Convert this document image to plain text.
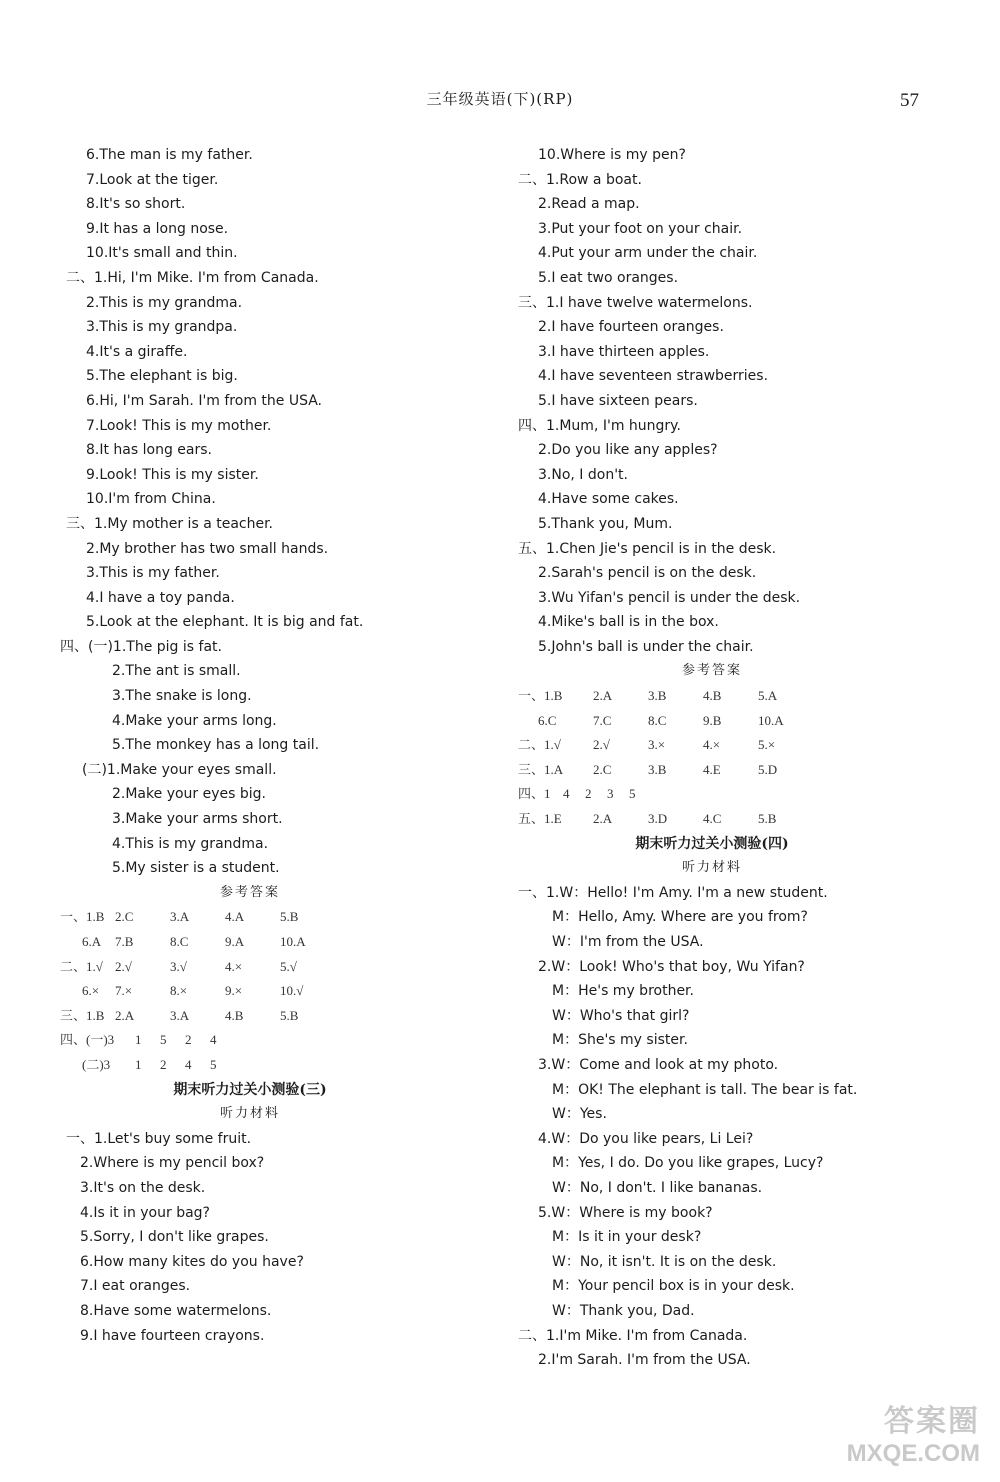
三年级英语(下)(RP)	57
6.The man is my father.
7.Look at the tiger.
8.It's so short.
9.It has a long nose.
10.It's small and thin.
二、1.Hi, I'm Mike. I'm from Canada.
2.This is my grandma.
3.This is my grandpa.
4.It's a giraffe.
5.The elephant is big.
6.Hi, I'm Sarah. I'm from the USA.
7.Look! This is my mother.
8.It has long ears.
9.Look! This is my sister.
10.I'm from China.
三、1.My mother is a teacher.
2.My brother has two small hands.
3.This is my father.
4.I have a toy panda.
5.Look at the elephant. It is big and fat.
四、(一)1.The pig is fat.
2.The ant is small.
3.The snake is long.
4.Make your arms long.
5.The monkey has a long tail.
(二)1.Make your eyes small.
2.Make your eyes big.
3.Make your arms short.
4.This is my grandma.
5.My sister is a student.
参考答案
一、1.B 2.C	3.A	4.A	5.B
6.A	7.B	8.C	9.A	10.A
二、1.√ 2.√	3.√	4.×	5.√
6.×	7.×	8.×	9.×	10.√
三、1.B 2.A	3.A	4.B	5.B
四、(一)3	1	5	2	4
(二)3	1	2	4	5
期末听力过关小测验(三)
听力材料
一、1.Let's buy some fruit.
2.Where is my pencil box?
3.It's on the desk.
4.Is it in your bag?
5.Sorry, I don't like grapes.
6.How many kites do you have?
7.I eat oranges.
8.Have some watermelons.
9.I have fourteen crayons.
10.Where is my pen?
二、1.Row a boat.
2.Read a map.
3.Put your foot on your chair.
4.Put your arm under the chair.
5.I eat two oranges.
三、1.I have twelve watermelons.
2.I have fourteen oranges.
3.I have thirteen apples.
4.I have seventeen strawberries.
5.I have sixteen pears.
四、1.Mum, I'm hungry.
2.Do you like any apples?
3.No, I don't.
4.Have some cakes.
5.Thank you, Mum.
五、1.Chen Jie's pencil is in the desk.
2.Sarah's pencil is on the desk.
3.Wu Yifan's pencil is under the desk.
4.Mike's ball is in the box.
5.John's ball is under the chair.
参考答案
一、1.B	2.A	3.B	4.B	5.A
6.C	7.C	8.C	9.B	10.A
二、1.√	2.√	3.×	4.×	5.×
三、1.A	2.C	3.B	4.E	5.D
四、1 4	2	3	5
五、1.E	2.A	3.D	4.C	5.B
期末听力过关小测验(四)
听力材料
一、1.W：Hello! I'm Amy. I'm a new student.
M：Hello, Amy. Where are you from?
W：I'm from the USA.
2.W：Look! Who's that boy, Wu Yifan?
M：He's my brother.
W：Who's that girl?
M：She's my sister.
3.W：Come and look at my photo.
M：OK! The elephant is tall. The bear is fat.
W：Yes.
4.W：Do you like pears, Li Lei?
M：Yes, I do. Do you like grapes, Lucy?
W：No, I don't. I like bananas.
5.W：Where is my book?
M：Is it in your desk?
W：No, it isn't. It is on the desk.
M：Your pencil box is in your desk.
W：Thank you, Dad.
二、1.I'm Mike. I'm from Canada.
2.I'm Sarah. I'm from the USA.
答案圈
MXQE.COM
